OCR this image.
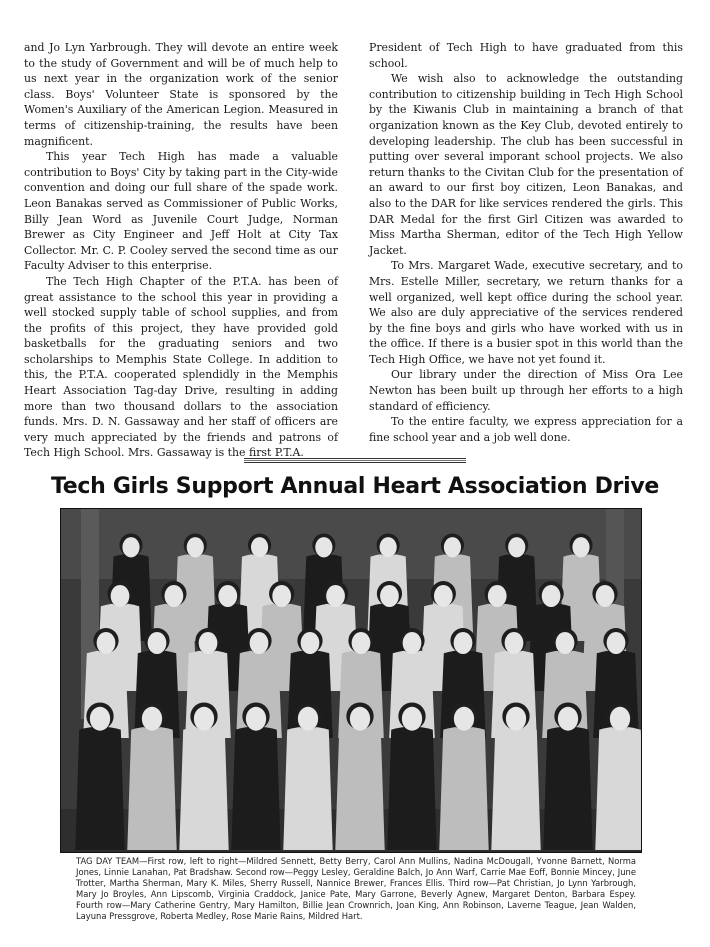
and Jo Lyn Yarbrough. They will devote an entire week to the study of Government and will be of much help to us next year in the organization work of the senior class. Boys' Volunteer State is sponsored by the Women's Auxiliary of the American Legion. Measured in terms of citizenship-training, the results have been magnificent.

This year Tech High has made a valuable contribution to Boys' City by taking part in the City-wide convention and doing our full share of the spade work. Leon Banakas served as Commissioner of Public Works, Billy Jean Word as Juvenile Court Judge, Norman Brewer as City Engineer and Jeff Holt at City Tax Collector. Mr. C. P. Cooley served the second time as our Faculty Adviser to this enterprise.

The Tech High Chapter of the P.T.A. has been of great assistance to the school this year in providing a well stocked supply table of school supplies, and from the profits of this project, they have provided gold basketballs for the graduating seniors and two scholarships to Memphis State College. In addition to this, the P.T.A. cooperated splendidly in the Memphis Heart Association Tag-day Drive, resulting in adding more than two thousand dollars to the association funds. Mrs. D. N. Gassaway and her staff of officers are very much appreciated by the friends and patrons of Tech High School. Mrs. Gassaway is the first P.T.A.

President of Tech High to have graduated from this school.

We wish also to acknowledge the outstanding contribution to citizenship building in Tech High School by the Kiwanis Club in maintaining a branch of that organization known as the Key Club, devoted entirely to developing leadership. The club has been successful in putting over several imporant school projects. We also return thanks to the Civitan Club for the presentation of an award to our first boy citizen, Leon Banakas, and also to the DAR for like services rendered the girls. This DAR Medal for the first Girl Citizen was awarded to Miss Martha Sherman, editor of the Tech High Yellow Jacket.

To Mrs. Margaret Wade, executive secretary, and to Mrs. Estelle Miller, secretary, we return thanks for a well organized, well kept office during the school year. We also are duly appreciative of the services rendered by the fine boys and girls who have worked with us in the office. If there is a busier spot in this world than the Tech High Office, we have not yet found it.

Our library under the direction of Miss Ora Lee Newton has been built up through her efforts to a high standard of efficiency.

To the entire faculty, we express appreciation for a fine school year and a job well done.

Tech Girls Support Annual Heart Association Drive

TAG DAY TEAM—First row, left to right—Mildred Sennett, Betty Berry, Carol Ann Mullins, Nadina McDougall, Yvonne Barnett, Norma Jones, Linnie Lanahan, Pat Bradshaw. Second row—Peggy Lesley, Geraldine Balch, Jo Ann Warf, Carrie Mae Eoff, Bonnie Mincey, June Trotter, Martha Sherman, Mary K. Miles, Sherry Russell, Nannice Brewer, Frances Ellis. Third row—Pat Christian, Jo Lynn Yarbrough, Mary Jo Broyles, Ann Lipscomb, Virginia Craddock, Janice Pate, Mary Garrone, Beverly Agnew, Margaret Denton, Barbara Espey. Fourth row—Mary Catherine Gentry, Mary Hamilton, Billie Jean Crownrich, Joan King, Ann Robinson, Laverne Teague, Jean Walden, Layuna Pressgrove, Roberta Medley, Rose Marie Rains, Mildred Hart.
